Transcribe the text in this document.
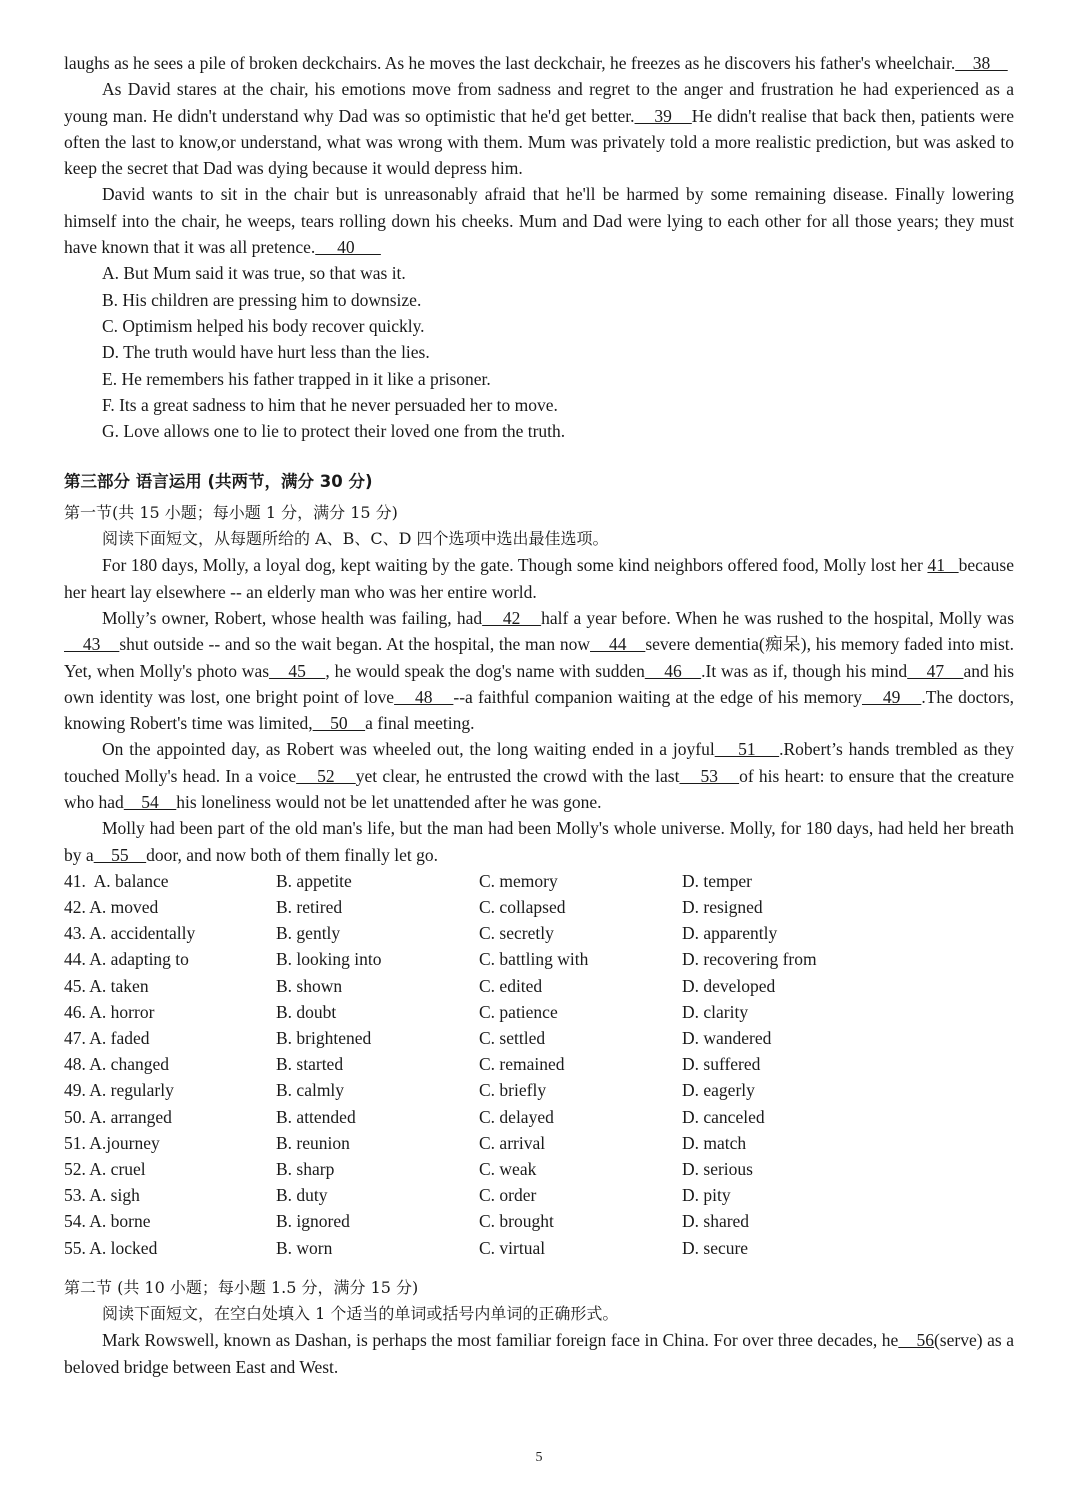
laughs as he sees a pile of broken deckchairs. As he moves the last deckchair, he freezes as he discovers his father's wheelchair.    38

As David stares at the chair, his emotions move from sadness and regret to the anger and frustration he had experienced as a young man. He didn't understand why Dad was so optimistic that he'd get better.    39    He didn't realise that back then, patients were often the last to know,or understand, what was wrong with them. Mum was privately told a more realistic prediction, but was asked to keep the secret that Dad was dying because it would depress him.

David wants to sit in the chair but is unreasonably afraid that he'll be harmed by some remaining disease. Finally lowering himself into the chair, he weeps, tears rolling down his cheeks. Mum and Dad were lying to each other for all those years; they must have known that it was all pretence.     40

A. But Mum said it was true, so that was it.

B. His children are pressing him to downsize.

C. Optimism helped his body recover quickly.

D. The truth would have hurt less than the lies.

E. He remembers his father trapped in it like a prisoner.

F. Its a great sadness to him that he never persuaded her to move.

G. Love allows one to lie to protect their loved one from the truth.

第三部分 语言运用 (共两节，满分 30 分)

第一节(共 15 小题；每小题 1 分，满分 15 分)

阅读下面短文，从每题所给的 A、B、C、D 四个选项中选出最佳选项。

For 180 days, Molly, a loyal dog, kept waiting by the gate. Though some kind neighbors offered food, Molly lost her 41   because her heart lay elsewhere -- an elderly man who was her entire world.

Molly’s owner, Robert, whose health was failing, had    42    half a year before. When he was rushed to the hospital, Molly was    43    shut outside -- and so the wait began. At the hospital, the man now    44    severe dementia(痴呆), his memory faded into mist. Yet, when Molly's photo was    45    , he would speak the dog's name with sudden    46    .It was as if, though his mind    47    and his own identity was lost, one bright point of love    48    --a faithful companion waiting at the edge of his memory    49    .The doctors, knowing Robert's time was limited,    50    a final meeting.

On the appointed day, as Robert was wheeled out, the long waiting ended in a joyful    51    .Robert’s hands trembled as they touched Molly's head. In a voice    52    yet clear, he entrusted the crowd with the last    53    of his heart: to ensure that the creature who had    54    his loneliness would not be let unattended after he was gone.

Molly had been part of the old man's life, but the man had been Molly's whole universe. Molly, for 180 days, had held her breath by a    55    door, and now both of them finally let go.

41.  A. balance	B. appetite	C. memory	D. temper
42. A. moved	B. retired	C. collapsed	D. resigned
43. A. accidentally	B. gently	C. secretly	D. apparently
44. A. adapting to	B. looking into	C. battling with	D. recovering from
45. A. taken	B. shown	C. edited	D. developed
46. A. horror	B. doubt	C. patience	D. clarity
47. A. faded	B. brightened	C. settled	D. wandered
48. A. changed	B. started	C. remained	D. suffered
49. A. regularly	B. calmly	C. briefly	D. eagerly
50. A. arranged	B. attended	C. delayed	D. canceled
51. A.journey	B. reunion	C. arrival	D. match
52. A. cruel	B. sharp	C. weak	D. serious
53. A. sigh	B. duty	C. order	D. pity
54. A. borne	B. ignored	C. brought	D. shared
55. A. locked	B. worn	C. virtual	D. secure

第二节 (共 10 小题；每小题 1.5 分，满分 15 分)

阅读下面短文，在空白处填入 1 个适当的单词或括号内单词的正确形式。

Mark Rowswell, known as Dashan, is perhaps the most familiar foreign face in China. For over three decades, he    56(serve) as a beloved bridge between East and West.

5
